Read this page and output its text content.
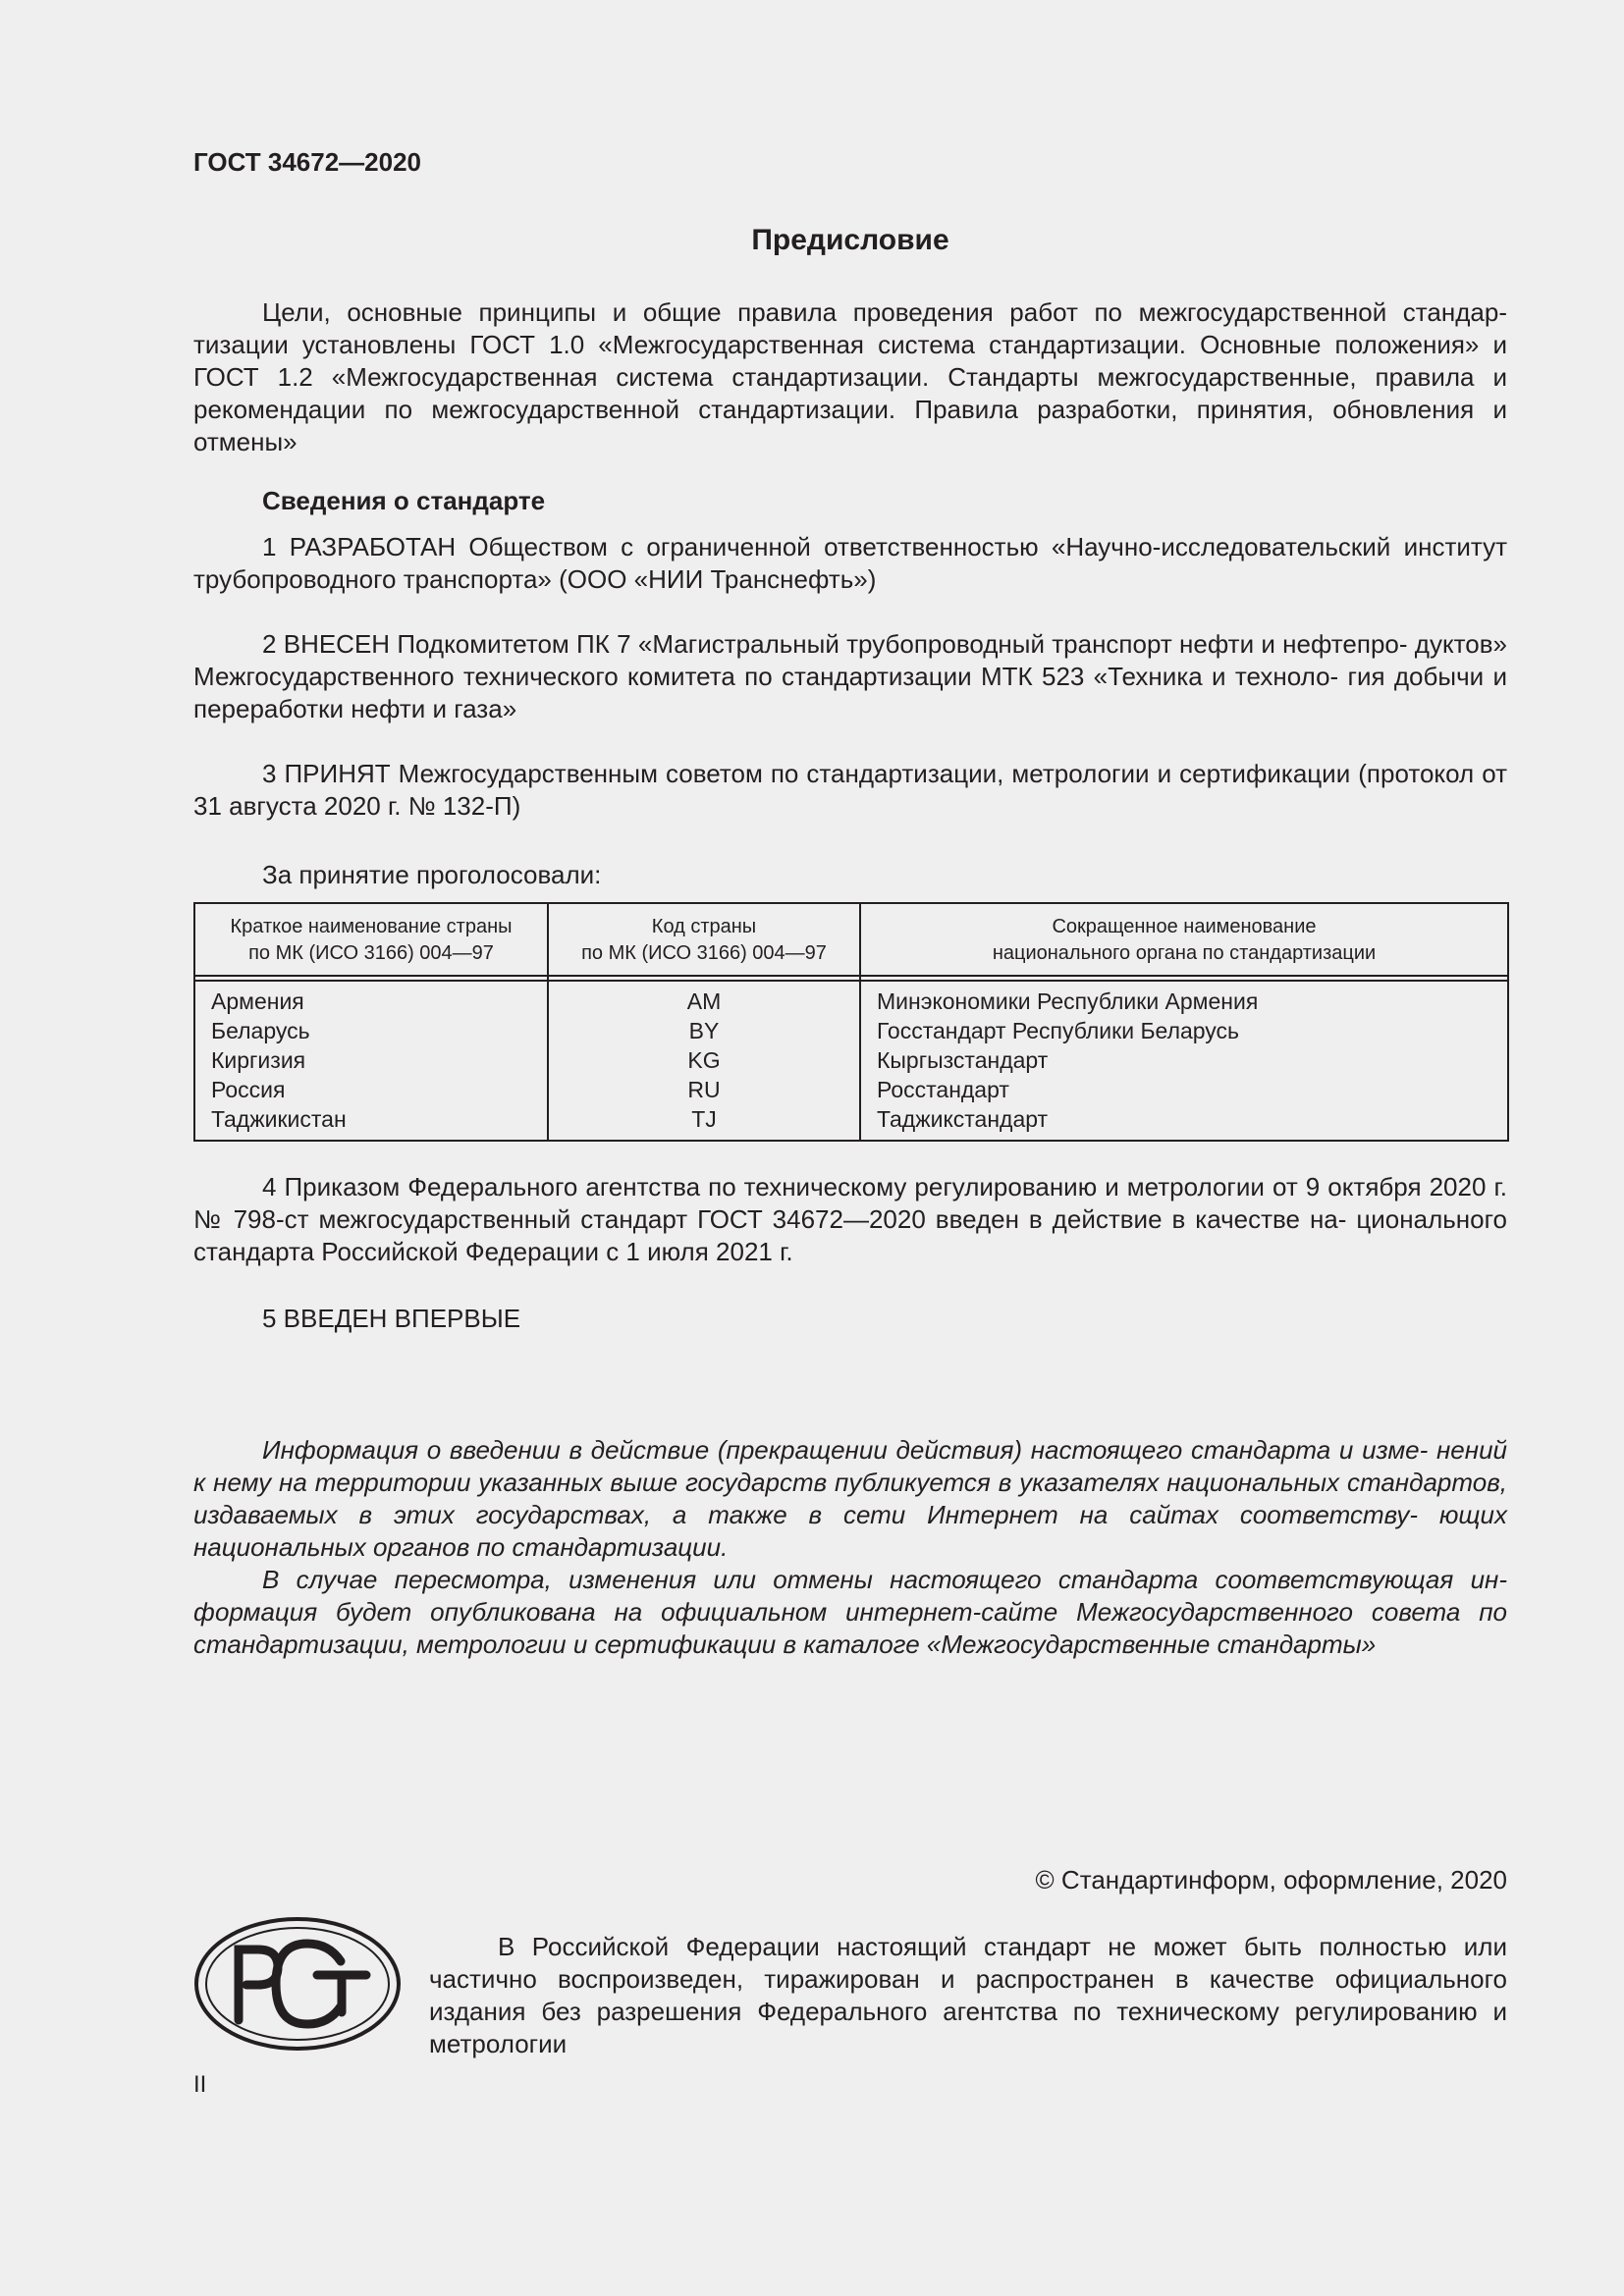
ГОСТ 34672—2020
Предисловие
Цели, основные принципы и общие правила проведения работ по межгосударственной стандар- тизации установлены ГОСТ 1.0 «Межгосударственная система стандартизации. Основные положения» и ГОСТ 1.2 «Межгосударственная система стандартизации. Стандарты межгосударственные, правила и рекомендации по межгосударственной стандартизации. Правила разработки, принятия, обновления и отмены»
Сведения о стандарте
1 РАЗРАБОТАН Обществом с ограниченной ответственностью «Научно-исследовательский институт трубопроводного транспорта» (ООО «НИИ Транснефть»)
2 ВНЕСЕН Подкомитетом ПК 7 «Магистральный трубопроводный транспорт нефти и нефтепро- дуктов» Межгосударственного технического комитета по стандартизации МТК 523 «Техника и техноло- гия добычи и переработки нефти и газа»
3 ПРИНЯТ Межгосударственным советом по стандартизации, метрологии и сертификации (протокол от 31 августа 2020 г. № 132-П)
За принятие проголосовали:
Краткое наименование страны
по МК (ИСО 3166) 004—97
Код страны
по МК (ИСО 3166) 004—97
Сокращенное наименование
национального органа по стандартизации
Армения
Беларусь
Киргизия
Россия
Таджикистан
AM
BY
KG
RU
TJ
Минэкономики Республики Армения
Госстандарт Республики Беларусь
Кыргызстандарт
Росстандарт
Таджикстандарт
4 Приказом Федерального агентства по техническому регулированию и метрологии от 9 октября 2020 г. № 798-ст межгосударственный стандарт ГОСТ 34672—2020 введен в действие в качестве на- ционального стандарта Российской Федерации с 1 июля 2021 г.
5 ВВЕДЕН ВПЕРВЫЕ
Информация о введении в действие (прекращении действия) настоящего стандарта и изме- нений к нему на территории указанных выше государств публикуется в указателях национальных стандартов, издаваемых в этих государствах, а также в сети Интернет на сайтах соответству- ющих национальных органов по стандартизации.
В случае пересмотра, изменения или отмены настоящего стандарта соответствующая ин- формация будет опубликована на официальном интернет-сайте Межгосударственного совета по стандартизации, метрологии и сертификации в каталоге «Межгосударственные стандарты»
© Стандартинформ, оформление, 2020
В Российской Федерации настоящий стандарт не может быть полностью или частично воспроизведен, тиражирован и распространен в качестве официального издания без разрешения Федерального агентства по техническому регулированию и метрологии
II
